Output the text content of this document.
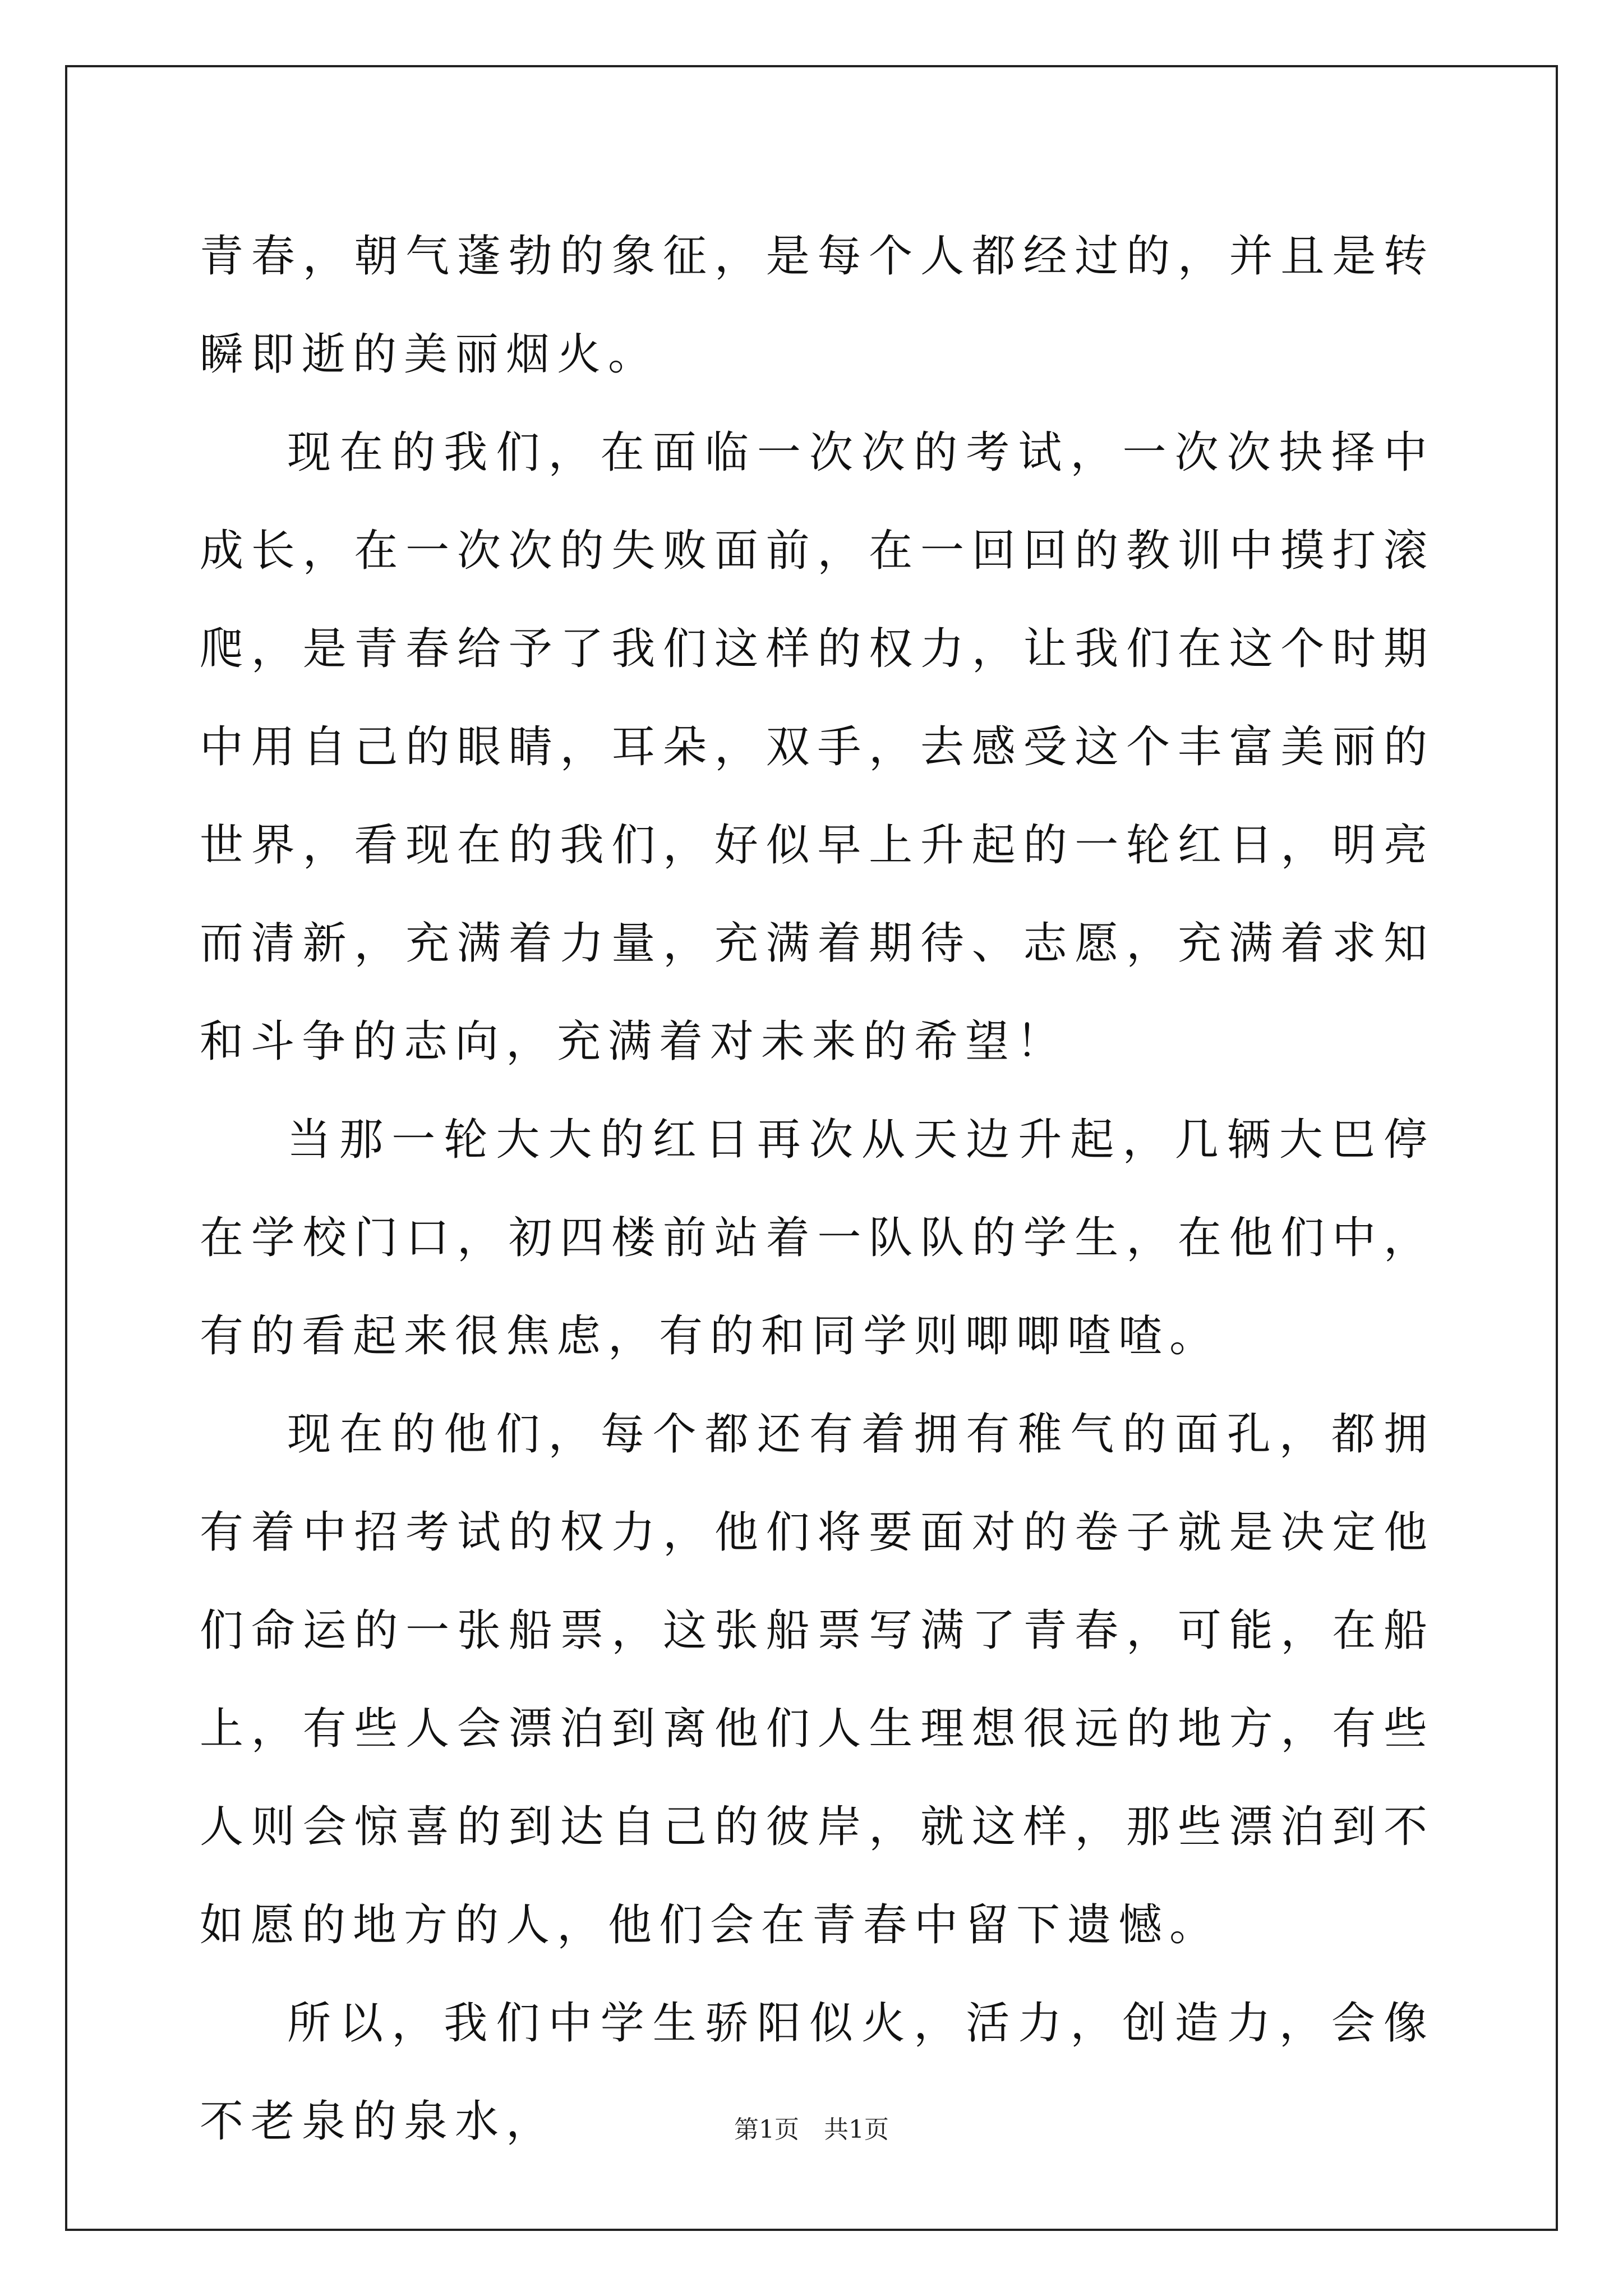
青春，朝气蓬勃的象征，是每个人都经过的，并且是转瞬即逝的美丽烟火。

现在的我们，在面临一次次的考试，一次次抉择中成长，在一次次的失败面前，在一回回的教训中摸打滚爬，是青春给予了我们这样的权力，让我们在这个时期中用自己的眼睛，耳朵，双手，去感受这个丰富美丽的世界，看现在的我们，好似早上升起的一轮红日，明亮而清新，充满着力量，充满着期待、志愿，充满着求知和斗争的志向，充满着对未来的希望！

当那一轮大大的红日再次从天边升起，几辆大巴停在学校门口，初四楼前站着一队队的学生，在他们中，有的看起来很焦虑，有的和同学则唧唧喳喳。

现在的他们，每个都还有着拥有稚气的面孔，都拥有着中招考试的权力，他们将要面对的卷子就是决定他们命运的一张船票，这张船票写满了青春，可能，在船上，有些人会漂泊到离他们人生理想很远的地方，有些人则会惊喜的到达自己的彼岸，就这样，那些漂泊到不如愿的地方的人，他们会在青春中留下遗憾。

所以，我们中学生骄阳似火，活力，创造力，会像不老泉的泉水，	第1页　共1页
